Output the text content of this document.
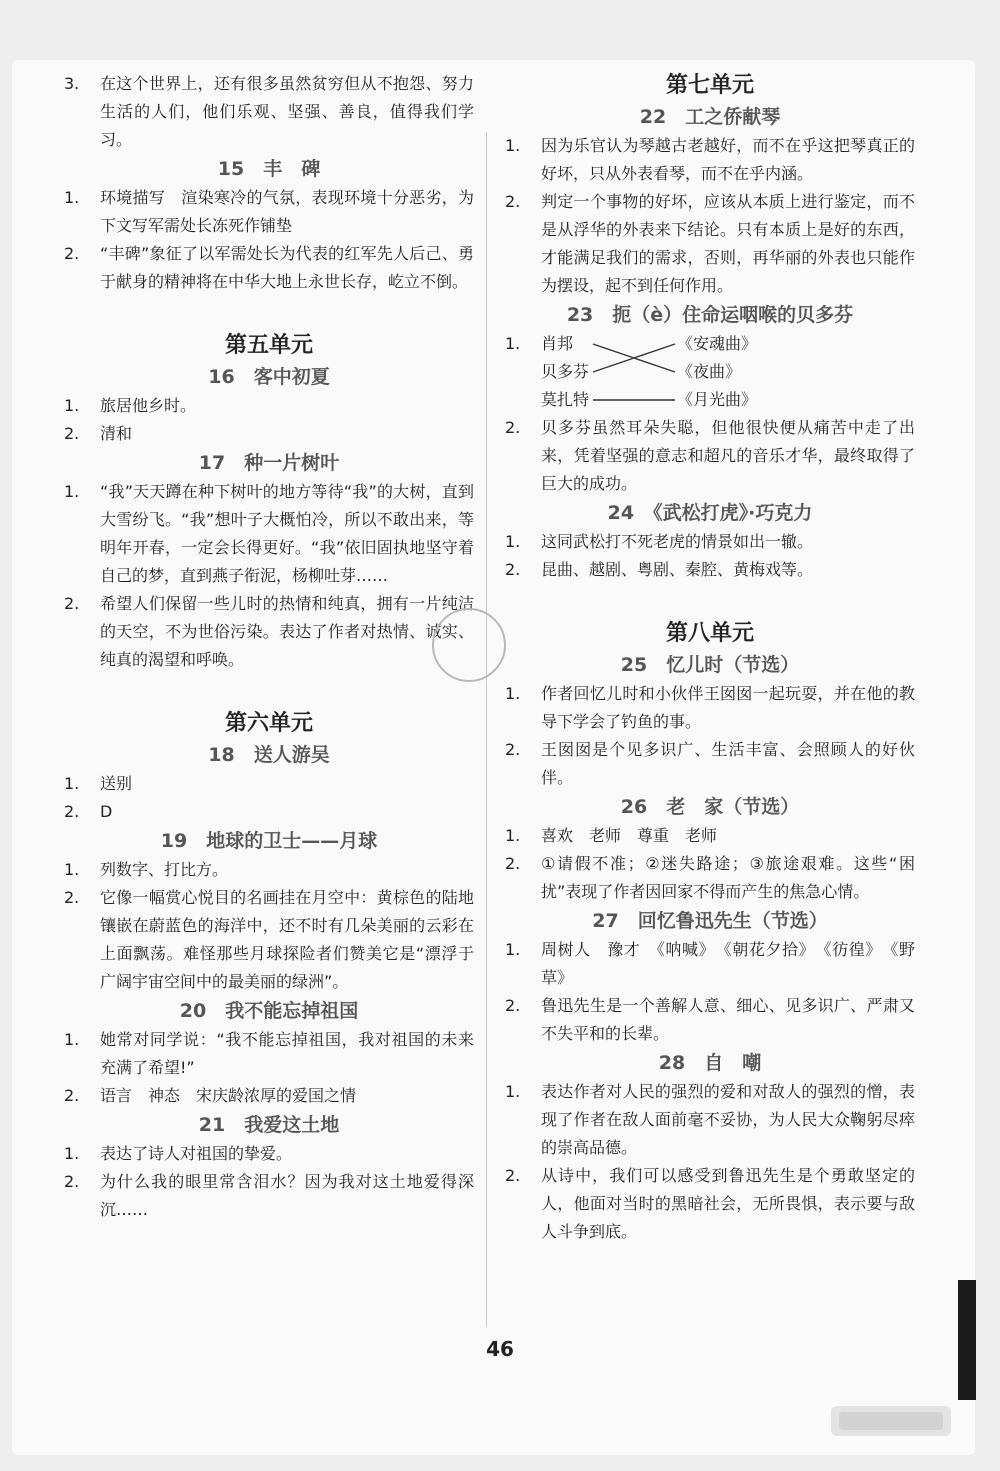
3. 在这个世界上，还有很多虽然贫穷但从不抱怨、努力生活的人们，他们乐观、坚强、善良，值得我们学习。

15　丰　碑

1. 环境描写　渲染寒冷的气氛，表现环境十分恶劣，为下文写军需处长冻死作铺垫

2. “丰碑”象征了以军需处长为代表的红军先人后己、勇于献身的精神将在中华大地上永世长存，屹立不倒。

第五单元
16　客中初夏

1. 旅居他乡时。

2. 清和

17　种一片树叶

1. “我”天天蹲在种下树叶的地方等待“我”的大树，直到大雪纷飞。“我”想叶子大概怕冷，所以不敢出来，等明年开春，一定会长得更好。“我”依旧固执地坚守着自己的梦，直到燕子衔泥，杨柳吐芽……

2. 希望人们保留一些儿时的热情和纯真，拥有一片纯洁的天空，不为世俗污染。表达了作者对热情、诚实、纯真的渴望和呼唤。

第六单元
18　送人游吴

1. 送别

2. D

19　地球的卫士——月球

1. 列数字、打比方。

2. 它像一幅赏心悦目的名画挂在月空中：黄棕色的陆地镶嵌在蔚蓝色的海洋中，还不时有几朵美丽的云彩在上面飘荡。难怪那些月球探险者们赞美它是“漂浮于广阔宇宙空间中的最美丽的绿洲”。

20　我不能忘掉祖国

1. 她常对同学说：“我不能忘掉祖国，我对祖国的未来充满了希望!”

2. 语言　神态　宋庆龄浓厚的爱国之情

21　我爱这土地

1. 表达了诗人对祖国的挚爱。

2. 为什么我的眼里常含泪水？因为我对这土地爱得深沉……

第七单元
22　工之侨献琴

1. 因为乐官认为琴越古老越好，而不在乎这把琴真正的好坏，只从外表看琴，而不在乎内涵。

2. 判定一个事物的好坏，应该从本质上进行鉴定，而不是从浮华的外表来下结论。只有本质上是好的东西，才能满足我们的需求，否则，再华丽的外表也只能作为摆设，起不到任何作用。

23　扼（è）住命运咽喉的贝多芬
1. 肖邦
贝多芬
莫扎特
《安魂曲》
《夜曲》
《月光曲》

2. 贝多芬虽然耳朵失聪，但他很快便从痛苦中走了出来，凭着坚强的意志和超凡的音乐才华，最终取得了巨大的成功。

24　《武松打虎》·巧克力

1. 这同武松打不死老虎的情景如出一辙。

2. 昆曲、越剧、粤剧、秦腔、黄梅戏等。

第八单元
25　忆儿时（节选）

1. 作者回忆儿时和小伙伴王囡囡一起玩耍，并在他的教导下学会了钓鱼的事。

2. 王囡囡是个见多识广、生活丰富、会照顾人的好伙伴。

26　老　家（节选）

1. 喜欢　老师　尊重　老师

2. ①请假不准；②迷失路途；③旅途艰难。这些“困扰”表现了作者因回家不得而产生的焦急心情。

27　回忆鲁迅先生（节选）

1. 周树人　豫才　《呐喊》　《朝花夕拾》　《彷徨》　《野草》

2. 鲁迅先生是一个善解人意、细心、见多识广、严肃又不失平和的长辈。

28　自　嘲

1. 表达作者对人民的强烈的爱和对敌人的强烈的憎，表现了作者在敌人面前毫不妥协，为人民大众鞠躬尽瘁的崇高品德。

2. 从诗中，我们可以感受到鲁迅先生是个勇敢坚定的人，他面对当时的黑暗社会，无所畏惧，表示要与敌人斗争到底。

46
